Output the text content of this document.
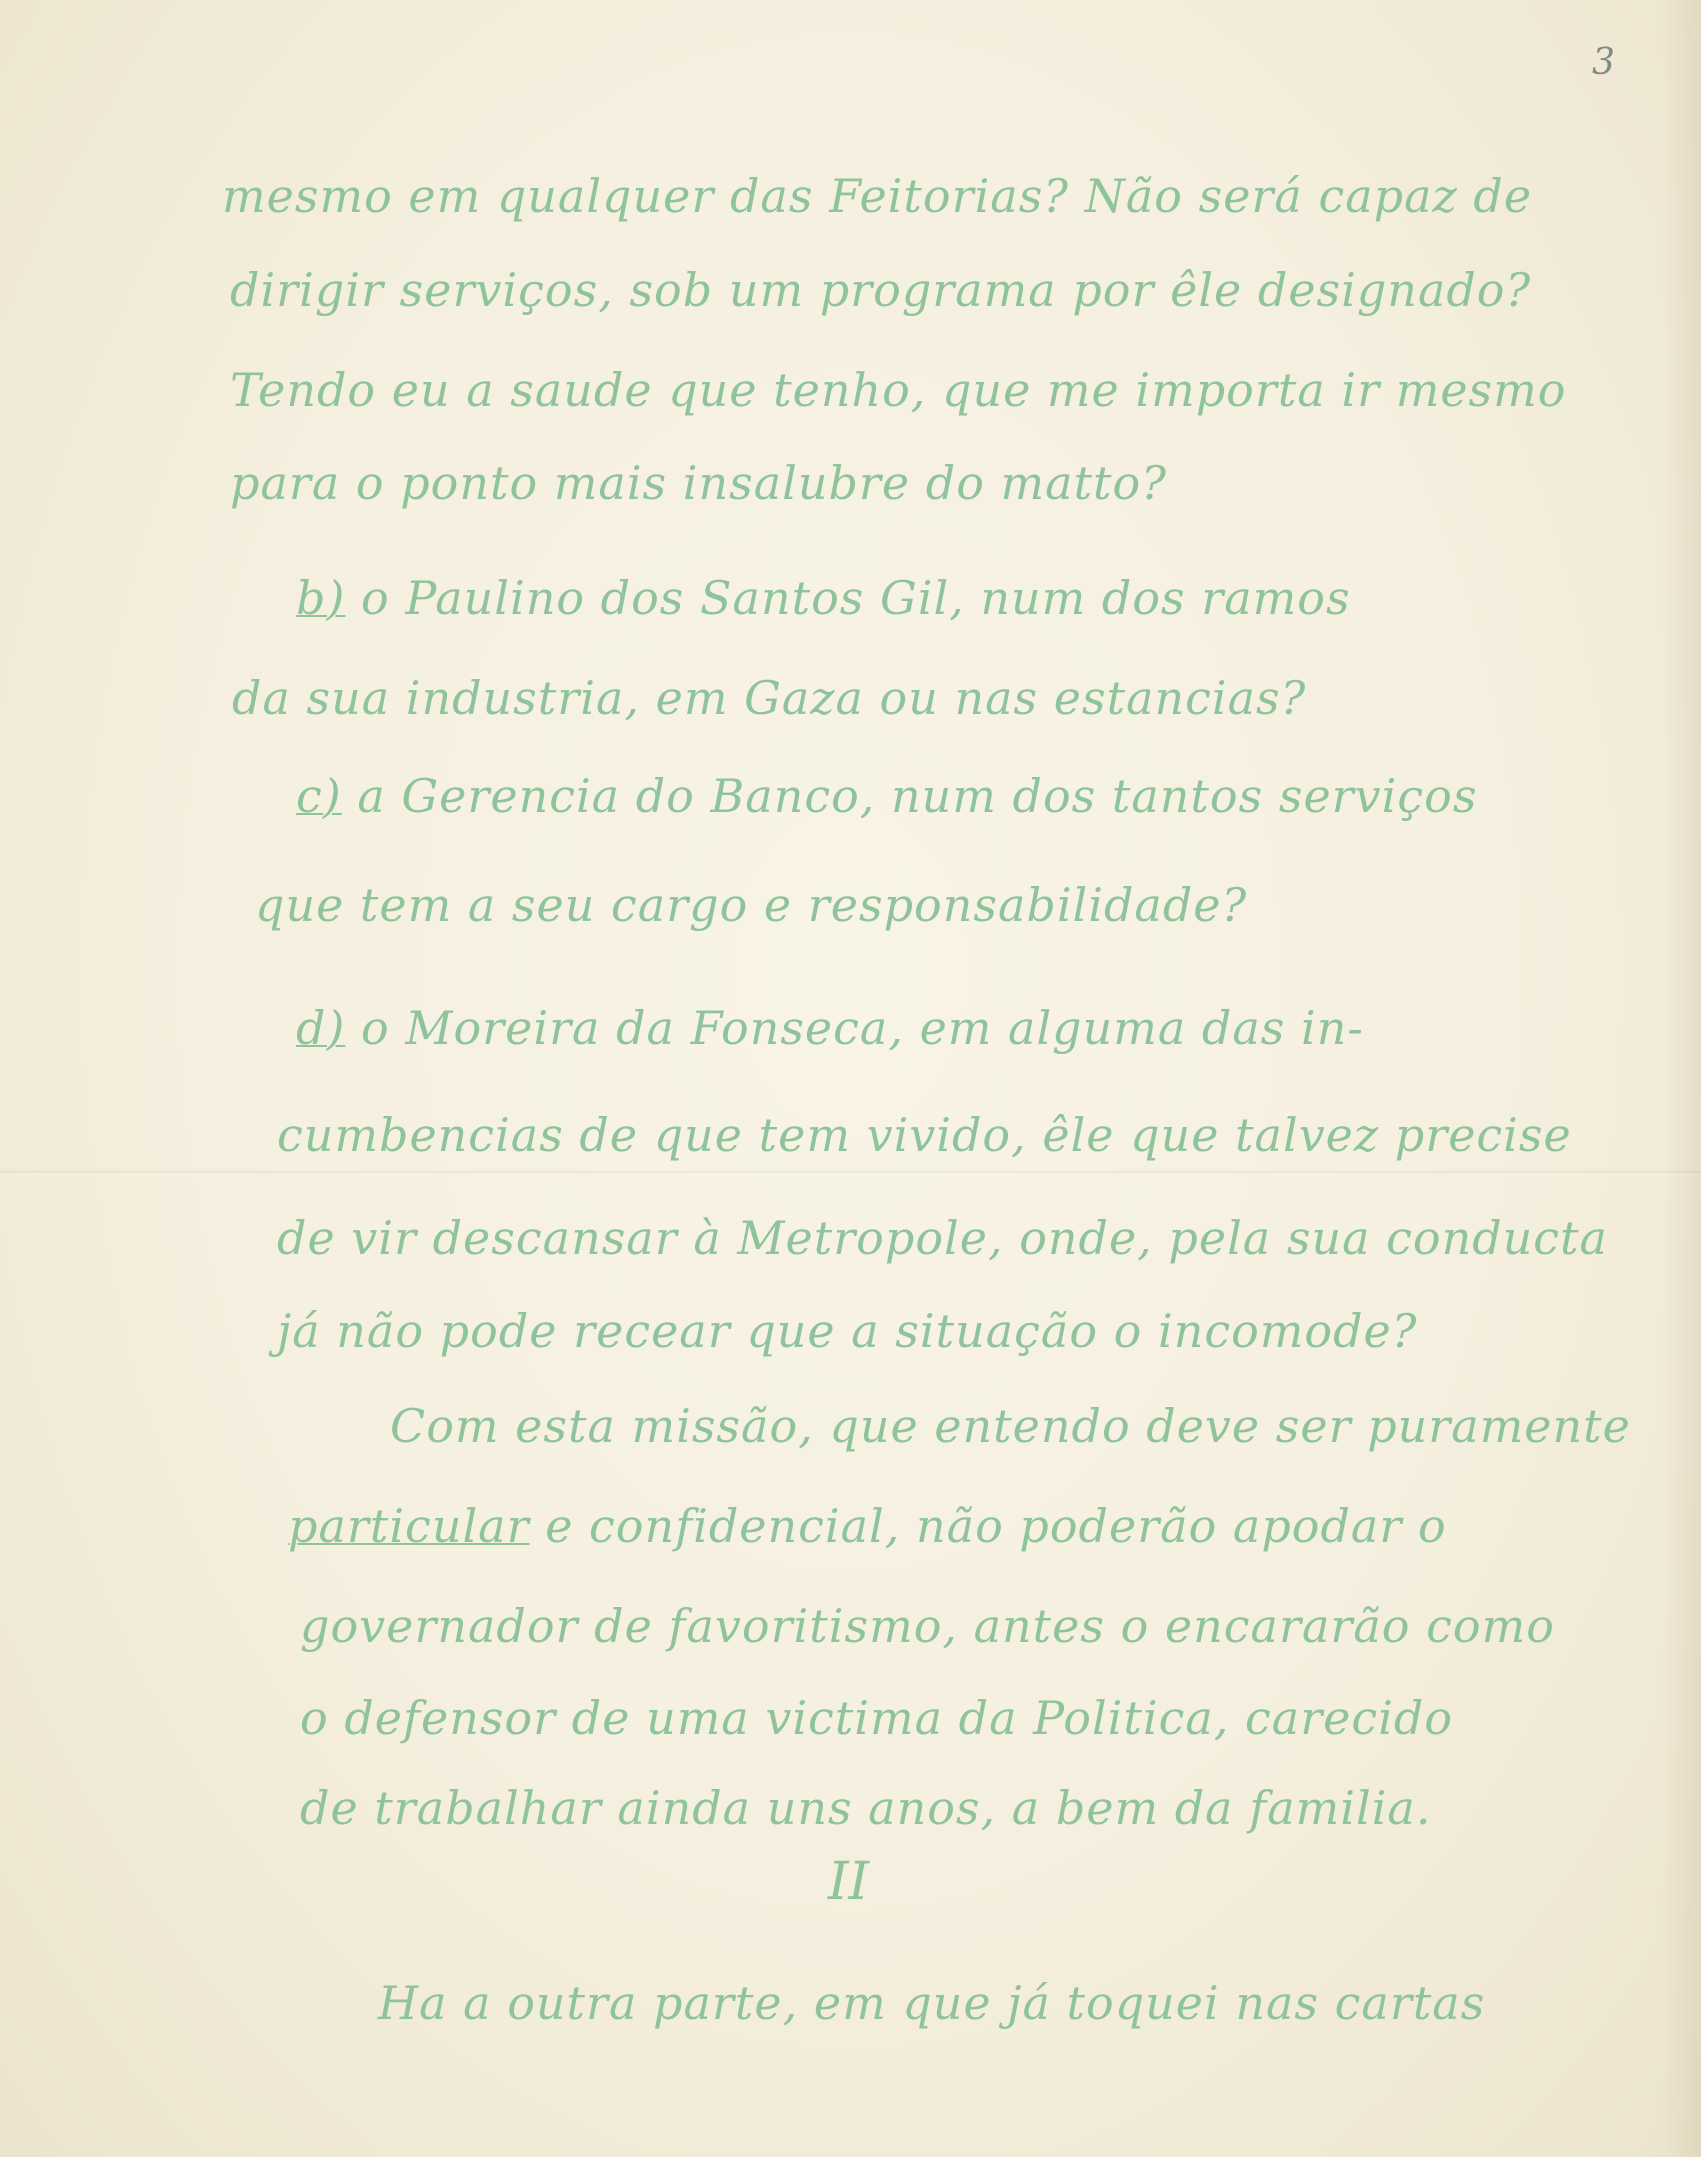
3

mesmo em qualquer das Feitorias? Não será capaz de

dirigir serviços, sob um programa por êle designado?

Tendo eu a saude que tenho, que me importa ir mesmo

para o ponto mais insalubre do matto?

b) o Paulino dos Santos Gil, num dos ramos

da sua industria, em Gaza ou nas estancias?

c) a Gerencia do Banco, num dos tantos serviços

que tem a seu cargo e responsabilidade?

d) o Moreira da Fonseca, em alguma das in-

cumbencias de que tem vivido, êle que talvez precise

de vir descansar à Metropole, onde, pela sua conducta

já não pode recear que a situação o incomode?

Com esta missão, que entendo deve ser puramente

particular e confidencial, não poderão apodar o

governador de favoritismo, antes o encararão como

o defensor de uma victima da Politica, carecido

de trabalhar ainda uns anos, a bem da familia.

II

Ha a outra parte, em que já toquei nas cartas
